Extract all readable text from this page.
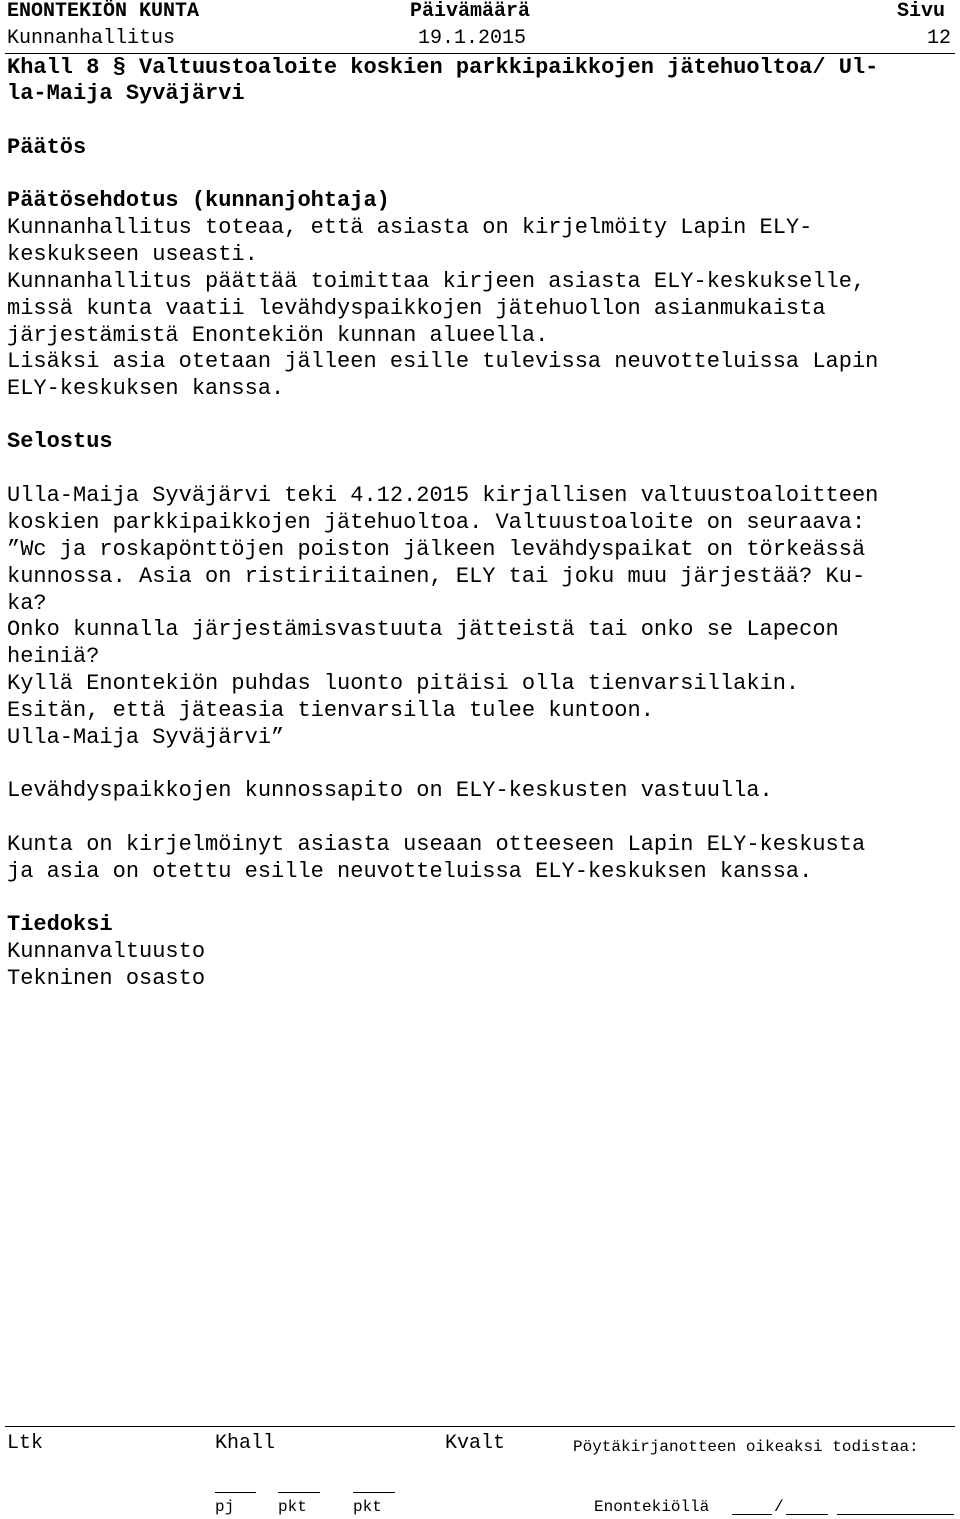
ENONTEKIÖN KUNTA	Päivämäärä	Sivu
Kunnanhallitus	19.1.2015	12
Khall 8 § Valtuustoaloite koskien parkkipaikkojen jätehuoltoa/ Ul-
la-Maija Syväjärvi
Päätös
Päätösehdotus (kunnanjohtaja)
Kunnanhallitus toteaa, että asiasta on kirjelmöity Lapin ELY-
keskukseen useasti.
Kunnanhallitus päättää toimittaa kirjeen asiasta ELY-keskukselle,
missä kunta vaatii levähdyspaikkojen jätehuollon asianmukaista
järjestämistä Enontekiön kunnan alueella.
Lisäksi asia otetaan jälleen esille tulevissa neuvotteluissa Lapin
ELY-keskuksen kanssa.
Selostus
Ulla-Maija Syväjärvi teki 4.12.2015 kirjallisen valtuustoaloitteen
koskien parkkipaikkojen jätehuoltoa. Valtuustoaloite on seuraava:
”Wc ja roskapönttöjen poiston jälkeen levähdyspaikat on törkeässä
kunnossa. Asia on ristiriitainen, ELY tai joku muu järjestää? Ku-
ka?
Onko kunnalla järjestämisvastuuta jätteistä tai onko se Lapecon
heiniä?
Kyllä Enontekiön puhdas luonto pitäisi olla tienvarsillakin.
Esitän, että jäteasia tienvarsilla tulee kuntoon.
Ulla-Maija Syväjärvi”
Levähdyspaikkojen kunnossapito on ELY-keskusten vastuulla.
Kunta on kirjelmöinyt asiasta useaan otteeseen Lapin ELY-keskusta
ja asia on otettu esille neuvotteluissa ELY-keskuksen kanssa.
Tiedoksi
Kunnanvaltuusto
Tekninen osasto
Ltk	Khall	Kvalt	Pöytäkirjanotteen oikeaksi todistaa:
pj	pkt	pkt	Enontekiöllä	/
